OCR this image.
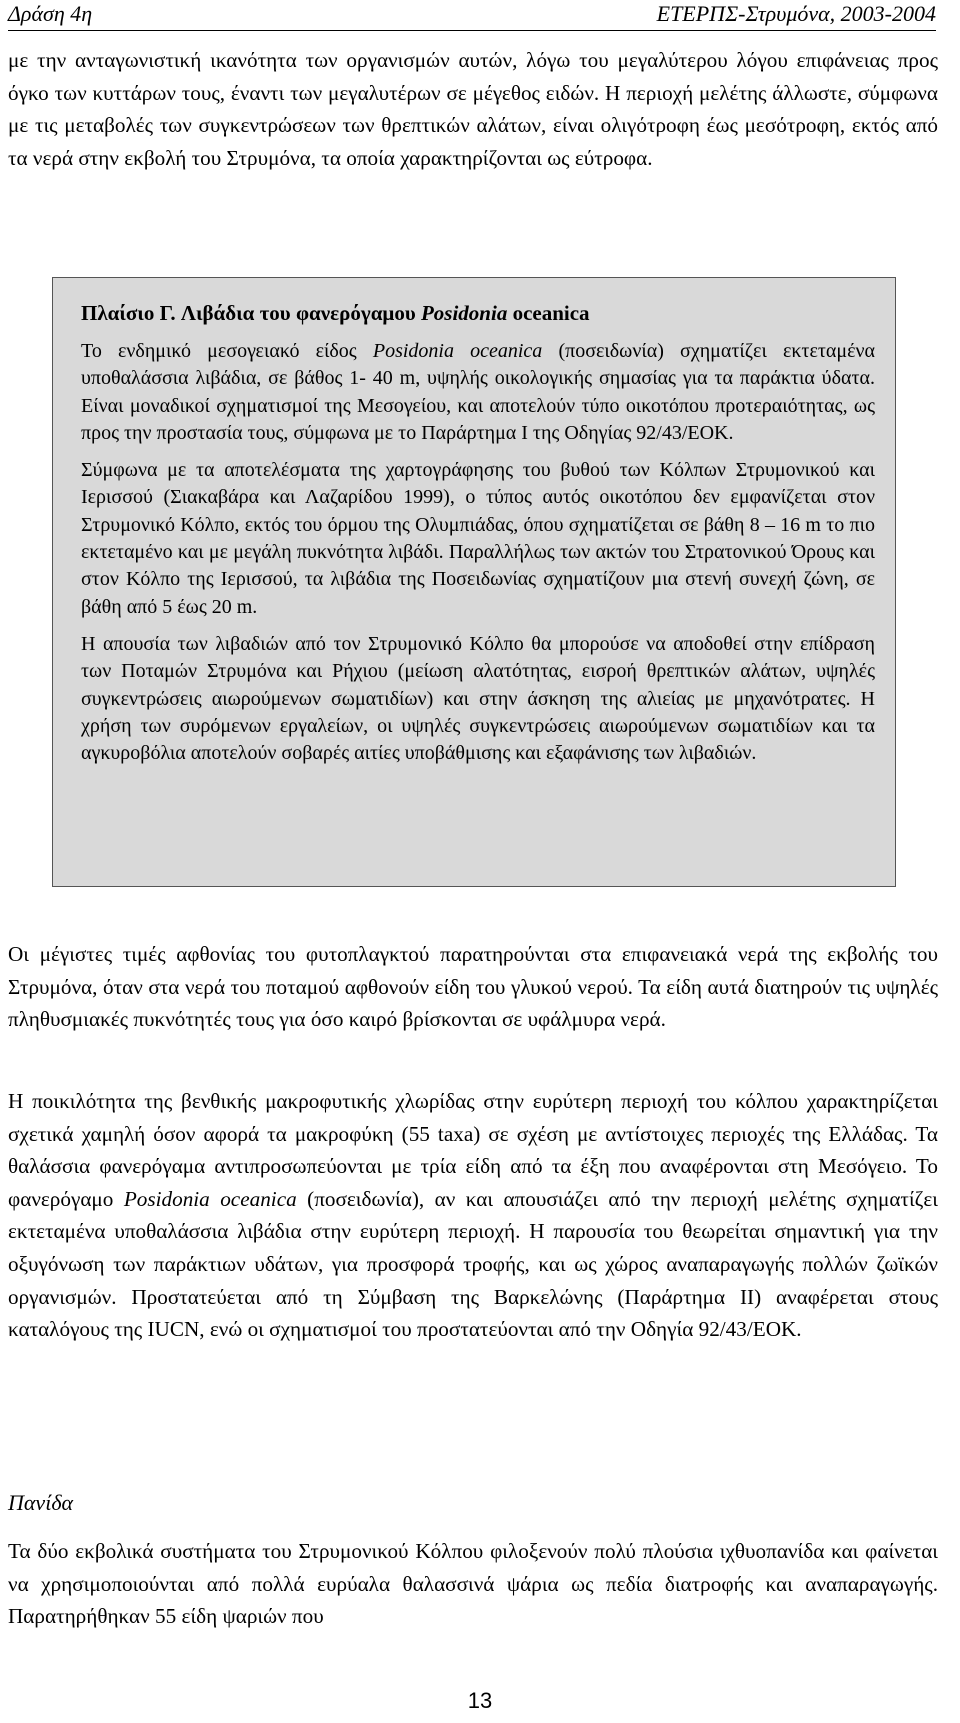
Δράση 4η	ΕΤΕΡΠΣ-Στρυμόνα, 2003-2004

με την ανταγωνιστική ικανότητα των οργανισμών αυτών, λόγω του μεγαλύτερου λόγου επιφάνειας προς όγκο των κυττάρων τους, έναντι των μεγαλυτέρων σε μέγεθος ειδών. Η περιοχή μελέτης άλλωστε, σύμφωνα με τις μεταβολές των συγκεντρώσεων των θρεπτικών αλάτων, είναι ολιγότροφη έως μεσότροφη, εκτός από τα νερά στην εκβολή του Στρυμόνα, τα οποία χαρακτηρίζονται ως εύτροφα.

Πλαίσιο Γ. Λιβάδια του φανερόγαμου Posidonia oceanica

Το ενδημικό μεσογειακό είδος Posidonia oceanica (ποσειδωνία) σχηματίζει εκτεταμένα υποθαλάσσια λιβάδια, σε βάθος 1- 40 m, υψηλής οικολογικής σημασίας για τα παράκτια ύδατα. Είναι μοναδικοί σχηματισμοί της Μεσογείου, και αποτελούν τύπο οικοτόπου προτεραιότητας, ως προς την προστασία τους, σύμφωνα με το Παράρτημα Ι της Οδηγίας 92/43/ΕΟΚ.

Σύμφωνα με τα αποτελέσματα της χαρτογράφησης του βυθού των Κόλπων Στρυμονικού και Ιερισσού (Σιακαβάρα και Λαζαρίδου 1999), ο τύπος αυτός οικοτόπου δεν εμφανίζεται στον Στρυμονικό Κόλπο, εκτός του όρμου της Ολυμπιάδας, όπου σχηματίζεται σε βάθη 8 – 16 m το πιο εκτεταμένο και με μεγάλη πυκνότητα λιβάδι. Παραλλήλως των ακτών του Στρατονικού Όρους και στον Κόλπο της Ιερισσού, τα λιβάδια της Ποσειδωνίας σχηματίζουν μια στενή συνεχή ζώνη, σε βάθη από 5 έως 20 m.

Η απουσία των λιβαδιών από τον Στρυμονικό Κόλπο θα μπορούσε να αποδοθεί στην επίδραση των Ποταμών Στρυμόνα και Ρήχιου (μείωση αλατότητας, εισροή θρεπτικών αλάτων, υψηλές συγκεντρώσεις αιωρούμενων σωματιδίων) και στην άσκηση της αλιείας με μηχανότρατες. Η χρήση των συρόμενων εργαλείων, οι υψηλές συγκεντρώσεις αιωρούμενων σωματιδίων και τα αγκυροβόλια αποτελούν σοβαρές αιτίες υποβάθμισης και εξαφάνισης των λιβαδιών.

Οι μέγιστες τιμές αφθονίας του φυτοπλαγκτού παρατηρούνται στα επιφανειακά νερά της εκβολής του Στρυμόνα, όταν στα νερά του ποταμού αφθονούν είδη του γλυκού νερού. Τα είδη αυτά διατηρούν τις υψηλές πληθυσμιακές πυκνότητές τους για όσο καιρό βρίσκονται σε υφάλμυρα νερά.

Η ποικιλότητα της βενθικής μακροφυτικής χλωρίδας στην ευρύτερη περιοχή του κόλπου χαρακτηρίζεται σχετικά χαμηλή όσον αφορά τα μακροφύκη (55 taxa) σε σχέση με αντίστοιχες περιοχές της Ελλάδας. Τα θαλάσσια φανερόγαμα αντιπροσωπεύονται με τρία είδη από τα έξη που αναφέρονται στη Μεσόγειο. Το φανερόγαμο Posidonia oceanica (ποσειδωνία), αν και απουσιάζει από την περιοχή μελέτης σχηματίζει εκτεταμένα υποθαλάσσια λιβάδια στην ευρύτερη περιοχή. Η παρουσία του θεωρείται σημαντική για την οξυγόνωση των παράκτιων υδάτων, για προσφορά τροφής, και ως χώρος αναπαραγωγής πολλών ζωϊκών οργανισμών. Προστατεύεται από τη Σύμβαση της Βαρκελώνης (Παράρτημα ΙΙ) αναφέρεται στους καταλόγους της IUCN, ενώ οι σχηματισμοί του προστατεύονται από την Οδηγία 92/43/ΕΟΚ.

Πανίδα

Τα δύο εκβολικά συστήματα του Στρυμονικού Κόλπου φιλοξενούν πολύ πλούσια ιχθυοπανίδα και φαίνεται να χρησιμοποιούνται από πολλά ευρύαλα θαλασσινά ψάρια ως πεδία διατροφής και αναπαραγωγής. Παρατηρήθηκαν 55 είδη ψαριών που

13
